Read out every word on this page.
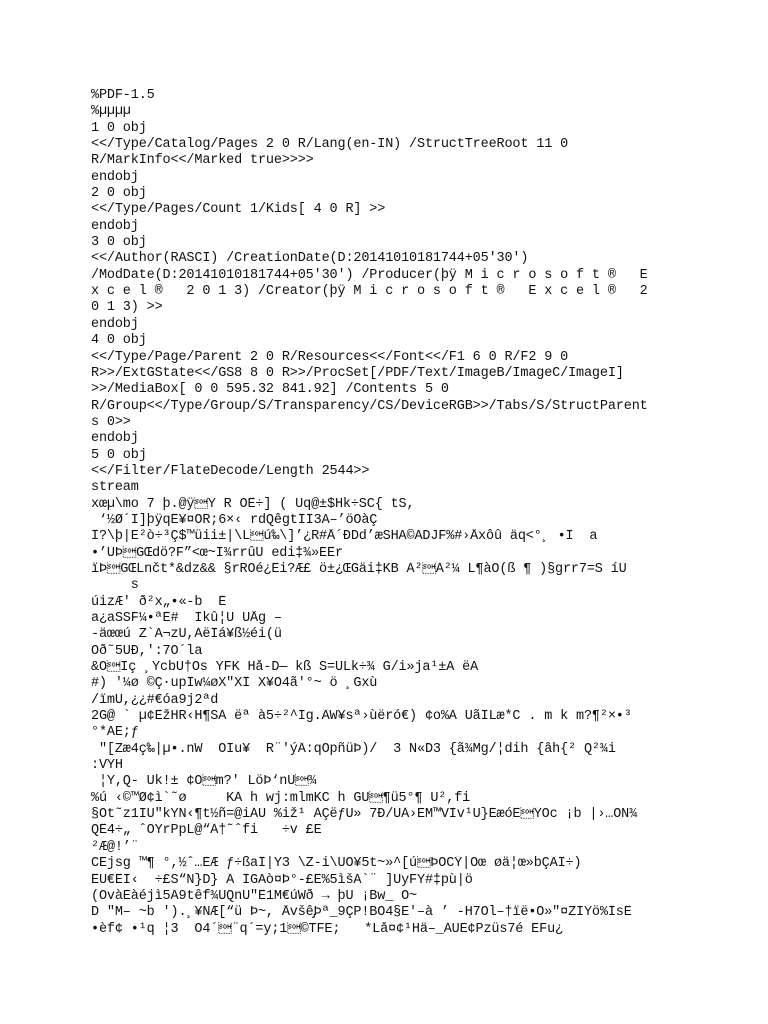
%PDF-1.5
%µµµµ
1 0 obj
<</Type/Catalog/Pages 2 0 R/Lang(en-IN) /StructTreeRoot 11 0
R/MarkInfo<</Marked true>>>>
endobj
2 0 obj
<</Type/Pages/Count 1/Kids[ 4 0 R] >>
endobj
3 0 obj
<</Author(RASCI) /CreationDate(D:20141010181744+05'30')
/ModDate(D:20141010181744+05'30') /Producer(þÿ M i c r o s o f t ®   E
x c e l ®   2 0 1 3) /Creator(þÿ M i c r o s o f t ®   E x c e l ®   2
0 1 3) >>
endobj
4 0 obj
<</Type/Page/Parent 2 0 R/Resources<</Font<</F1 6 0 R/F2 9 0
R>>/ExtGState<</GS8 8 0 R>>/ProcSet[/PDF/Text/ImageB/ImageC/ImageI]
>>/MediaBox[ 0 0 595.32 841.92] /Contents 5 0
R/Group<</Type/Group/S/Transparency/CS/DeviceRGB>>/Tabs/S/StructParent
s 0>>
endobj
5 0 obj
<</Filter/FlateDecode/Length 2544>>
stream
xœµ\mo 7 þ.@ÿÝ R ÓË÷] ( Ûq@±$Hk÷ŠC{ tŠ,
‘½Ø´Î]þÿqË¥¤ÕR;6×‹ rdQêgtÏÎ3Ã–’öOàÇ
Ï?\þ|E²ò÷³Ç$™üii±|\Lú‰\]’¿R#Å´ÐDd’æŠHÃ©ÀDJF%#›Åxôû äq<°¸ •Î¯ a
•’ÜÞGŒdö?F”<œ~Ì¾rrûÛ edi‡¾»ÉËr
ïÞGŒLnčt*&dz&& §rRÒé¿Ëi?Æ£ ö±¿ŒGäi‡KB À²À²¼ L¶àÖ(ß¯¶ )§grr7=S íU
¯s
úizÆ' ð²x„•«-b  Ë
a¿aŠSF¼•ªË#  Ìkû¦Ü ÚÅg –
-äœœú Z`Ã¬zÜ,ÀëÏá¥ß½éi(ü
Öð˜5ÜÐ,':7Ó´la
&ÕIç ¸YcbÚ†Õs YFK Hå-D— kß S=ÜLk÷¾ G/i»ja¹±A ëA
#) '¼ø¯©Ç·upÏw¼øX"XÏ X¥Ô4ã'°~ ö ¸Gxù
/ïmU,¿¿#€óa9j2ªd
2G@ ` µ¢ÈžHR‹H¶SÀ ëª¯à5÷²^Íg.ÂW¥sª›ùëró€) ¢o%À UãÎLæ*C . m k m?¶²×•³
°*AE;ƒ
"[Zæ4ç‰|µ•.nW  ÒÍu¥  R¨'ýÂ:qÓpñüÞ)/  3 Ñ«D3 {ã¾Mg/¦dih {âh{² Q²¾i
:VÝH
¦Y,Q- Ük!± ¢Om?' LöÞ‘nÜ¾
%ú¯‹©™Ø¢ì`˜ø     KÀ h wj:mlmKC h GÛ¶ü5°¶ Ú²,fi
§Ot˜z1IU"kYN‹¶t½ñ=@iÀU %iž¹ ÀÇëƒÜ» 7Ð/ÛÄ›EM™VÌv¹Ü}ÉæóÊÝÕc ¡b |›…OÑ¾
QË4÷„ ˆOYrPpL@“À†˜ˆfi   ÷v £E
²Æ@!’¨
CEjsg ™¶ °,½ˆ…ÈÆ ƒ÷ßaÏ|Y3 \Z-i\ÙÔ¥5t~»^[úÞÒCŸ|Oœ øä¦œ»bÇÂÎ÷)
ËÜ€ËÌ‹  ÷£S“N}D} Â ÏGÃò¤Þ°-£Ê%5ìšÀ`¨ ]UyFY#‡pù|ö
(ÕvàÈàéjì5Ä9têf¾ÛQnÜ"Ë1M€úWð → þÛ ¡Bw_¯O~
D¯"M– ~b ').¸¥NÆ[“ü Þ~, Åvšê̡Þª_9ÇP!BÕ4§E'–à ’ -H7Õl–†ïë•O»"¤ZÍÝö%ÏsÊ
•èf¢ •¹q¯¦3  Ó4´¨q´=y;1©TFE;   *Lå¤¢¹Hä–_ÀÜÈ¢Pzüs7é EFu¿
